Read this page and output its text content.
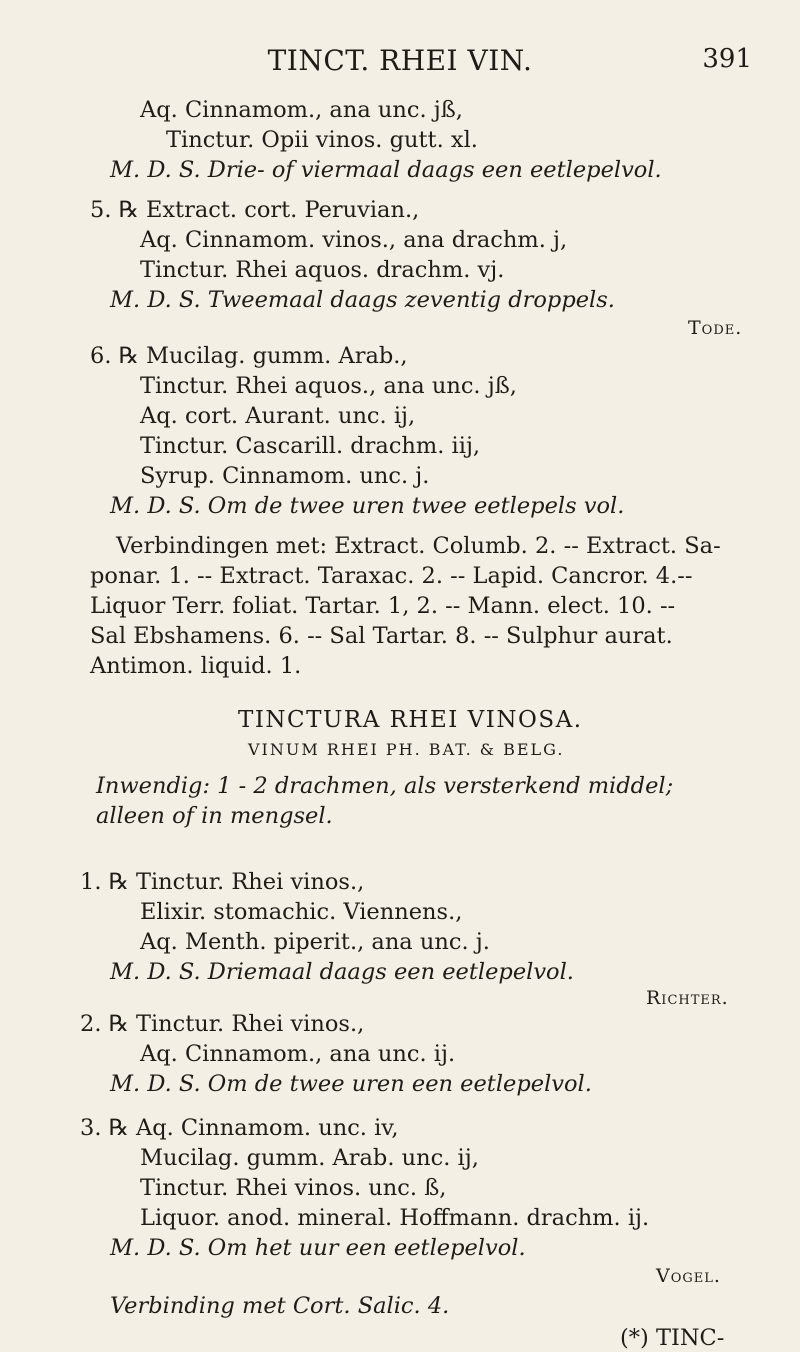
TINCT. RHEI VIN.	391
Aq. Cinnamom., ana unc. jß,
Tinctur. Opii vinos. gutt. xl.
M. D. S. Drie- of viermaal daags een eetlepelvol.
5. ℞ Extract. cort. Peruvian.,
Aq. Cinnamom. vinos., ana drachm. j,
Tinctur. Rhei aquos. drachm. vj.
M. D. S. Tweemaal daags zeventig droppels.
Tode.
6. ℞ Mucilag. gumm. Arab.,
Tinctur. Rhei aquos., ana unc. jß,
Aq. cort. Aurant. unc. ij,
Tinctur. Cascarill. drachm. iij,
Syrup. Cinnamom. unc. j.
M. D. S. Om de twee uren twee eetlepels vol.
Verbindingen met: Extract. Columb. 2. -- Extract. Sa-
ponar. 1. -- Extract. Taraxac. 2. -- Lapid. Cancror. 4.--
Liquor Terr. foliat. Tartar. 1, 2. -- Mann. elect. 10. --
Sal Ebshamens. 6. -- Sal Tartar. 8. -- Sulphur aurat.
Antimon. liquid. 1.
TINCTURA RHEI VINOSA.
VINUM RHEI PH. BAT. & BELG.
Inwendig: 1 - 2 drachmen, als versterkend middel;
alleen of in mengsel.
1. ℞ Tinctur. Rhei vinos.,
Elixir. stomachic. Viennens.,
Aq. Menth. piperit., ana unc. j.
M. D. S. Driemaal daags een eetlepelvol.
Richter.
2. ℞ Tinctur. Rhei vinos.,
Aq. Cinnamom., ana unc. ij.
M. D. S. Om de twee uren een eetlepelvol.
3. ℞ Aq. Cinnamom. unc. iv,
Mucilag. gumm. Arab. unc. ij,
Tinctur. Rhei vinos. unc. ß,
Liquor. anod. mineral. Hoffmann. drachm. ij.
M. D. S. Om het uur een eetlepelvol.
Vogel.
Verbinding met Cort. Salic. 4.
(*) TINC-
